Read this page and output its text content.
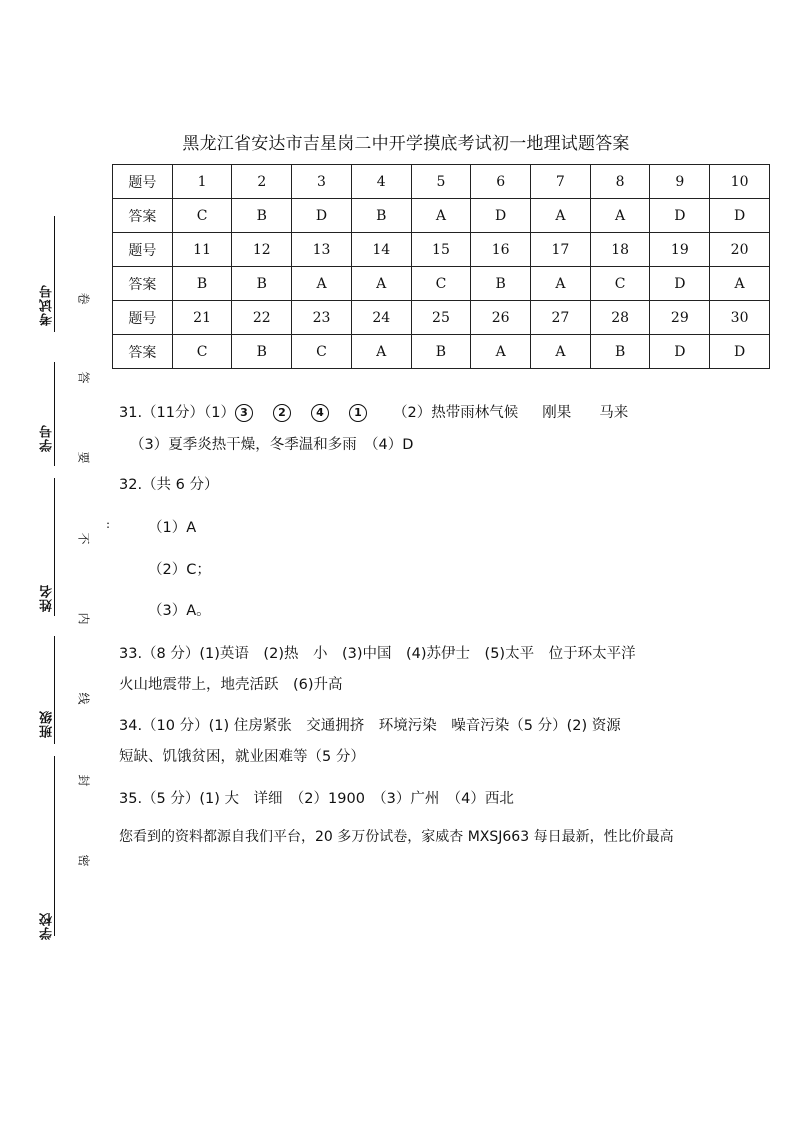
考试号
学号
姓名
班级
学校
卷
答
要
不
内
线
封
密
:
黑龙江省安达市吉星岗二中开学摸底考试初一地理试题答案
题号	1	2	3	4	5	6	7	8	9	10
答案	C	B	D	B	A	D	A	A	D	D
题号	11	12	13	14	15	16	17	18	19	20
答案	B	B	A	A	C	B	A	C	D	A
题号	21	22	23	24	25	26	27	28	29	30
答案	C	B	C	A	B	A	A	B	D	D
31.（11分）（1） 3	2	4	1 （2）热带雨林气候 刚果 马来
（3）夏季炎热干燥，冬季温和多雨　（4）D
32.（共 6 分）
（1）A
（2）C；
（3）A。
33.（8 分）(1)英语　(2)热　小　(3)中国　(4)苏伊士　(5)太平　位于环太平洋
火山地震带上，地壳活跃　(6)升高
34.（10 分）(1) 住房紧张　交通拥挤　环境污染　噪音污染（5 分）(2) 资源
短缺、饥饿贫困，就业困难等（5 分）
35.（5 分）(1) 大　详细　（2）1900　（3）广州　（4）西北
您看到的资料都源自我们平台，20 多万份试卷，家威杏 MXSJ663 每日最新，性比价最高
